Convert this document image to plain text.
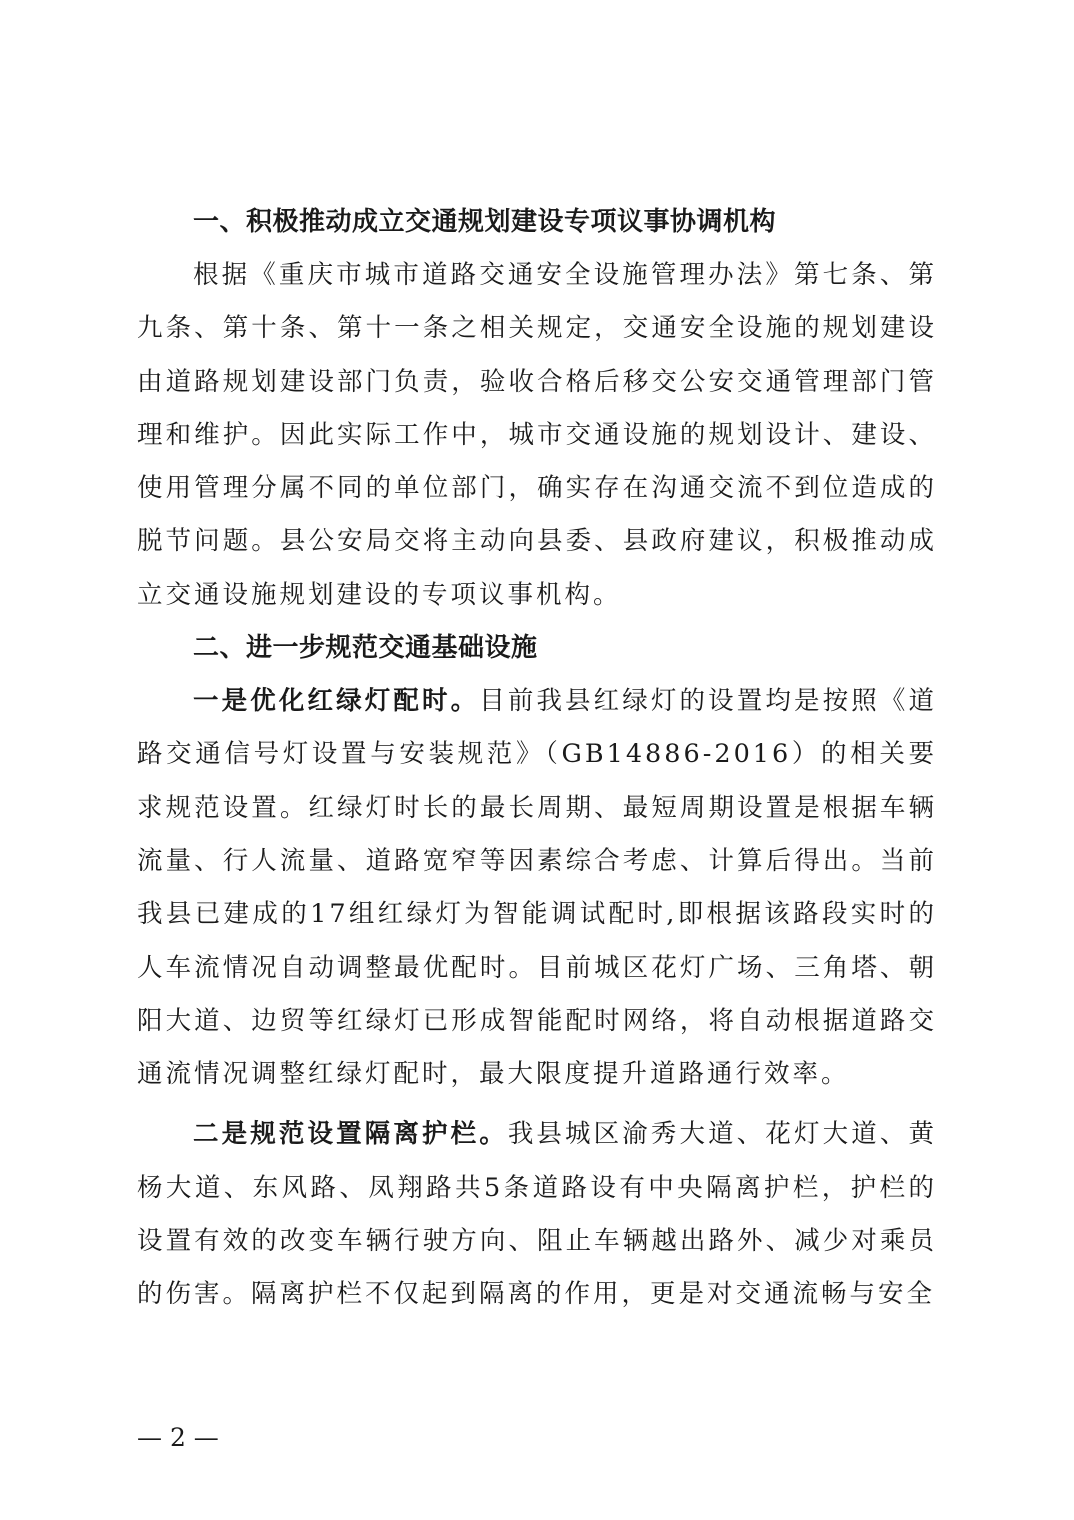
一、积极推动成立交通规划建设专项议事协调机构

根据《重庆市城市道路交通安全设施管理办法》第七条、第九条、第十条、第十一条之相关规定，交通安全设施的规划建设由道路规划建设部门负责，验收合格后移交公安交通管理部门管理和维护。因此实际工作中，城市交通设施的规划设计、建设、使用管理分属不同的单位部门，确实存在沟通交流不到位造成的脱节问题。县公安局交将主动向县委、县政府建议，积极推动成立交通设施规划建设的专项议事机构。

二、进一步规范交通基础设施

一是优化红绿灯配时。目前我县红绿灯的设置均是按照《道路交通信号灯设置与安装规范》（GB14886-2016）的相关要求规范设置。红绿灯时长的最长周期、最短周期设置是根据车辆流量、行人流量、道路宽窄等因素综合考虑、计算后得出。当前我县已建成的17组红绿灯为智能调试配时,即根据该路段实时的人车流情况自动调整最优配时。目前城区花灯广场、三角塔、朝阳大道、边贸等红绿灯已形成智能配时网络，将自动根据道路交通流情况调整红绿灯配时，最大限度提升道路通行效率。

二是规范设置隔离护栏。我县城区渝秀大道、花灯大道、黄杨大道、东风路、凤翔路共5条道路设有中央隔离护栏，护栏的设置有效的改变车辆行驶方向、阻止车辆越出路外、减少对乘员的伤害。隔离护栏不仅起到隔离的作用，更是对交通流畅与安全

— 2 —
